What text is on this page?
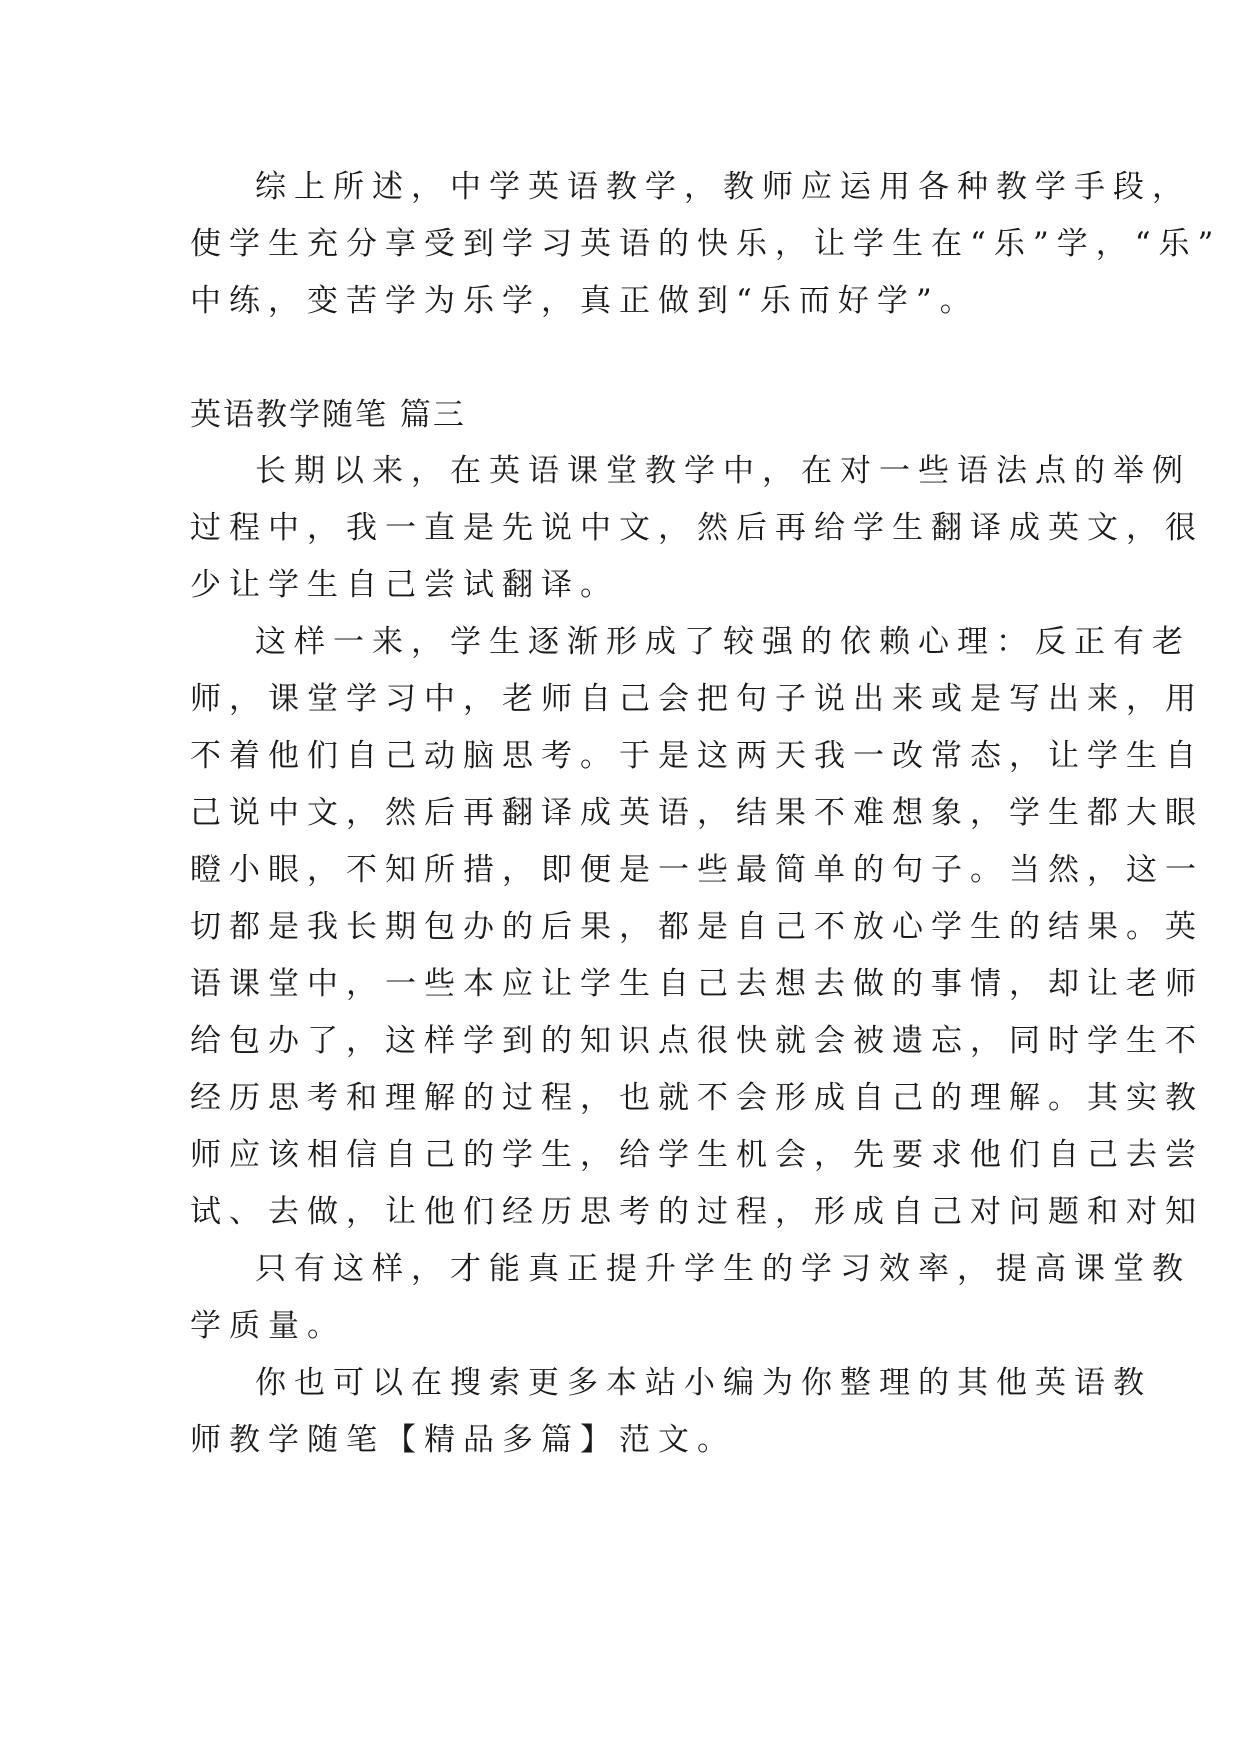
综上所述，中学英语教学，教师应运用各种教学手段，

使学生充分享受到学习英语的快乐，让学生在“乐”学，“乐”

中练，变苦学为乐学，真正做到“乐而好学”。

英语教学随笔 篇三

长期以来，在英语课堂教学中，在对一些语法点的举例

过程中，我一直是先说中文，然后再给学生翻译成英文，很

少让学生自己尝试翻译。

这样一来，学生逐渐形成了较强的依赖心理：反正有老

师，课堂学习中，老师自己会把句子说出来或是写出来，用

不着他们自己动脑思考。于是这两天我一改常态，让学生自

己说中文，然后再翻译成英语，结果不难想象，学生都大眼

瞪小眼，不知所措，即便是一些最简单的句子。当然，这一

切都是我长期包办的后果，都是自己不放心学生的结果。英

语课堂中，一些本应让学生自己去想去做的事情，却让老师

给包办了，这样学到的知识点很快就会被遗忘，同时学生不

经历思考和理解的过程，也就不会形成自己的理解。其实教

师应该相信自己的学生，给学生机会，先要求他们自己去尝

试、去做，让他们经历思考的过程，形成自己对问题和对知

只有这样，才能真正提升学生的学习效率，提高课堂教

学质量。

你也可以在搜索更多本站小编为你整理的其他英语教

师教学随笔【精品多篇】范文。
